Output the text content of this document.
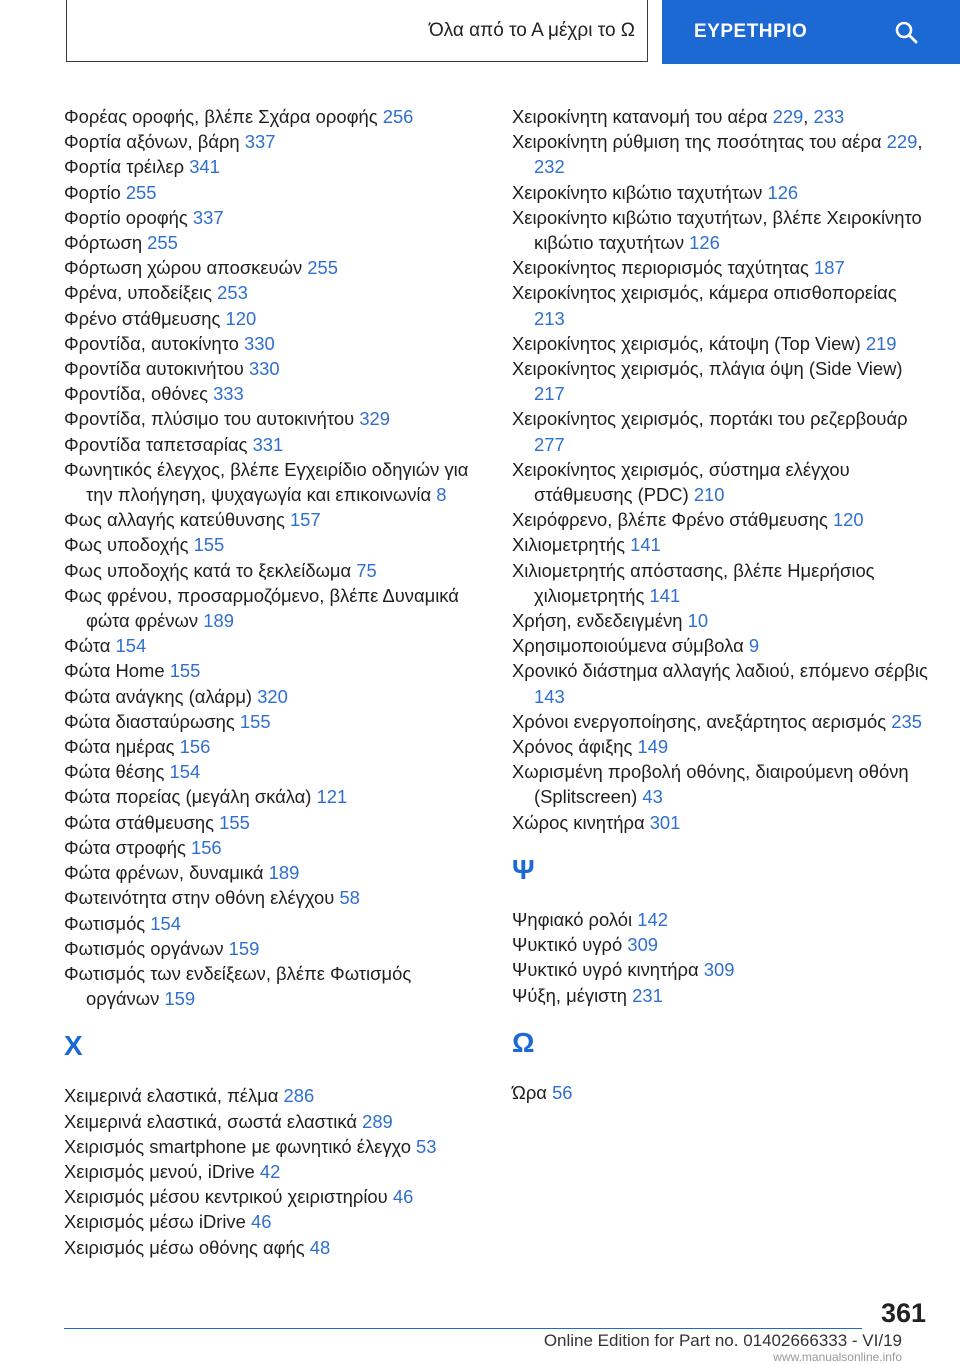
Όλα από το Α μέχρι το Ω	ΕΥΡΕΤΗΡΙΟ
Φορέας οροφής, βλέπε Σχάρα οροφής 256
Φορτία αξόνων, βάρη 337
Φορτία τρέιλερ 341
Φορτίο 255
Φορτίο οροφής 337
Φόρτωση 255
Φόρτωση χώρου αποσκευών 255
Φρένα, υποδείξεις 253
Φρένο στάθμευσης 120
Φροντίδα, αυτοκίνητο 330
Φροντίδα αυτοκινήτου 330
Φροντίδα, οθόνες 333
Φροντίδα, πλύσιμο του αυτοκινήτου 329
Φροντίδα ταπετσαρίας 331
Φωνητικός έλεγχος, βλέπε Εγχειρίδιο οδηγιών για την πλοήγηση, ψυχαγωγία και επικοινωνία 8
Φως αλλαγής κατεύθυνσης 157
Φως υποδοχής 155
Φως υποδοχής κατά το ξεκλείδωμα 75
Φως φρένου, προσαρμοζόμενο, βλέπε Δυναμικά φώτα φρένων 189
Φώτα 154
Φώτα Home 155
Φώτα ανάγκης (αλάρμ) 320
Φώτα διασταύρωσης 155
Φώτα ημέρας 156
Φώτα θέσης 154
Φώτα πορείας (μεγάλη σκάλα) 121
Φώτα στάθμευσης 155
Φώτα στροφής 156
Φώτα φρένων, δυναμικά 189
Φωτεινότητα στην οθόνη ελέγχου 58
Φωτισμός 154
Φωτισμός οργάνων 159
Φωτισμός των ενδείξεων, βλέπε Φωτισμός οργάνων 159
Χ
Χειμερινά ελαστικά, πέλμα 286
Χειμερινά ελαστικά, σωστά ελαστικά 289
Χειρισμός smartphone με φωνητικό έλεγχο 53
Χειρισμός μενού, iDrive 42
Χειρισμός μέσου κεντρικού χειριστηρίου 46
Χειρισμός μέσω iDrive 46
Χειρισμός μέσω οθόνης αφής 48
Χειροκίνητη κατανομή του αέρα 229, 233
Χειροκίνητη ρύθμιση της ποσότητας του αέρα 229, 232
Χειροκίνητο κιβώτιο ταχυτήτων 126
Χειροκίνητο κιβώτιο ταχυτήτων, βλέπε Χειροκίνητο κιβώτιο ταχυτήτων 126
Χειροκίνητος περιορισμός ταχύτητας 187
Χειροκίνητος χειρισμός, κάμερα οπισθοπορείας 213
Χειροκίνητος χειρισμός, κάτοψη (Top View) 219
Χειροκίνητος χειρισμός, πλάγια όψη (Side View) 217
Χειροκίνητος χειρισμός, πορτάκι του ρεζερβουάρ 277
Χειροκίνητος χειρισμός, σύστημα ελέγχου στάθμευσης (PDC) 210
Χειρόφρενο, βλέπε Φρένο στάθμευσης 120
Χιλιομετρητής 141
Χιλιομετρητής απόστασης, βλέπε Ημερήσιος χιλιομετρητής 141
Χρήση, ενδεδειγμένη 10
Χρησιμοποιούμενα σύμβολα 9
Χρονικό διάστημα αλλαγής λαδιού, επόμενο σέρβις 143
Χρόνοι ενεργοποίησης, ανεξάρτητος αερισμός 235
Χρόνος άφιξης 149
Χωρισμένη προβολή οθόνης, διαιρούμενη οθόνη (Splitscreen) 43
Χώρος κινητήρα 301
Ψ
Ψηφιακό ρολόι 142
Ψυκτικό υγρό 309
Ψυκτικό υγρό κινητήρα 309
Ψύξη, μέγιστη 231
Ω
Ώρα 56
361
Online Edition for Part no. 01402666333 - VI/19
www.manualsonline.info
